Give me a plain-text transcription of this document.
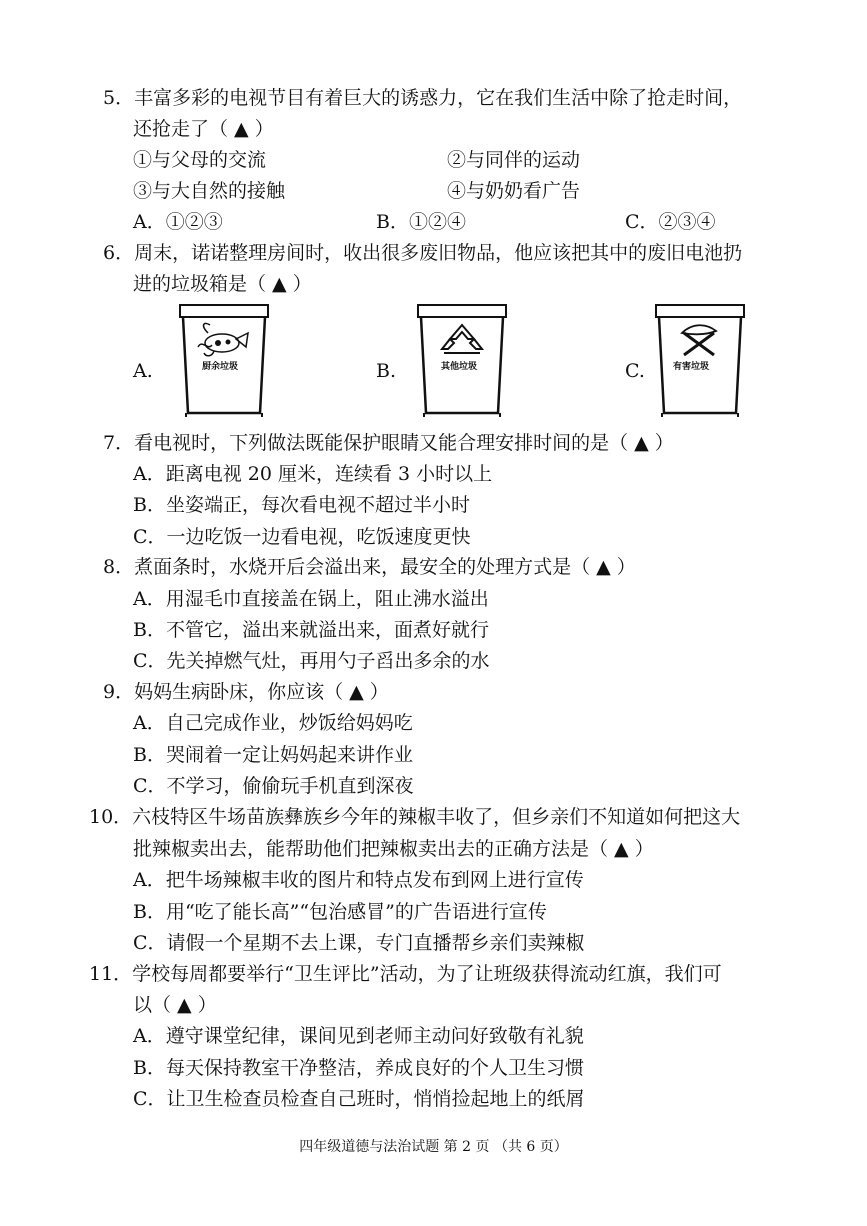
5．丰富多彩的电视节目有着巨大的诱惑力，它在我们生活中除了抢走时间，
还抢走了（ ▲ ）
①与父母的交流	②与同伴的运动
③与大自然的接触	④与奶奶看广告
A．①②③	B．①②④	C．②③④
6．周末，诺诺整理房间时，收出很多废旧物品，他应该把其中的废旧电池扔
进的垃圾箱是（ ▲ ）
A.	厨余垃圾	B.	其他垃圾	C.	有害垃圾
7．看电视时，下列做法既能保护眼睛又能合理安排时间的是（ ▲ ）
A．距离电视 20 厘米，连续看 3 小时以上
B．坐姿端正，每次看电视不超过半小时
C．一边吃饭一边看电视，吃饭速度更快
8．煮面条时，水烧开后会溢出来，最安全的处理方式是（ ▲ ）
A．用湿毛巾直接盖在锅上，阻止沸水溢出
B．不管它，溢出来就溢出来，面煮好就行
C．先关掉燃气灶，再用勺子舀出多余的水
9．妈妈生病卧床，你应该（ ▲ ）
A．自己完成作业，炒饭给妈妈吃
B．哭闹着一定让妈妈起来讲作业
C．不学习，偷偷玩手机直到深夜
10．六枝特区牛场苗族彝族乡今年的辣椒丰收了，但乡亲们不知道如何把这大
批辣椒卖出去，能帮助他们把辣椒卖出去的正确方法是（ ▲ ）
A．把牛场辣椒丰收的图片和特点发布到网上进行宣传
B．用“吃了能长高”“包治感冒”的广告语进行宣传
C．请假一个星期不去上课，专门直播帮乡亲们卖辣椒
11．学校每周都要举行“卫生评比”活动，为了让班级获得流动红旗，我们可
以（ ▲ ）
A．遵守课堂纪律，课间见到老师主动问好致敬有礼貌
B．每天保持教室干净整洁，养成良好的个人卫生习惯
C．让卫生检查员检查自己班时，悄悄捡起地上的纸屑
四年级道德与法治试题 第 2 页 （共 6 页）
